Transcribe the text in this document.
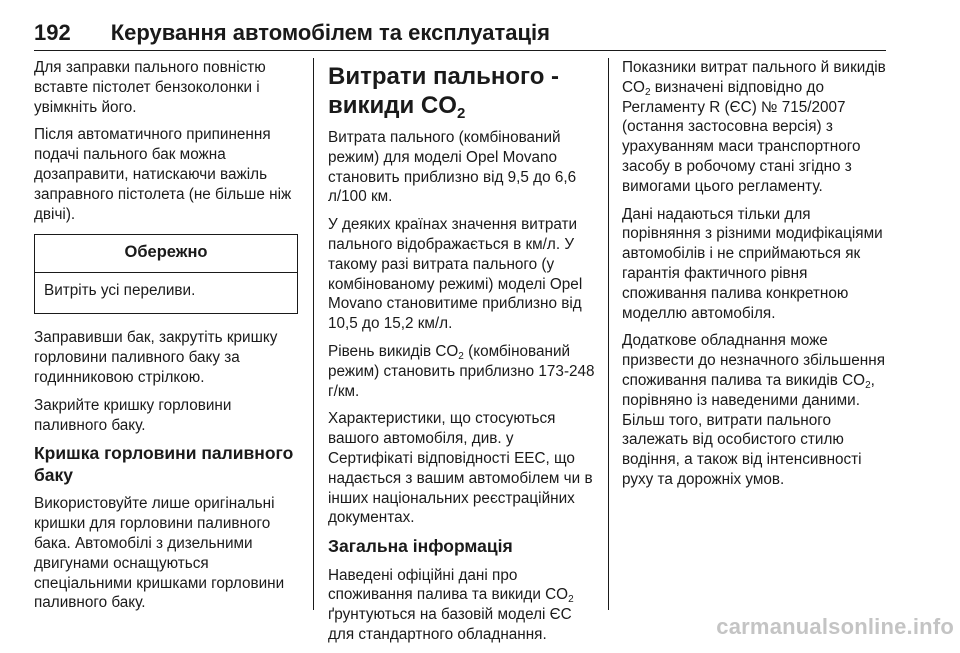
192 Керування автомобілем та експлуатація

Для заправки пального повністю вставте пістолет бензоколонки і увімкніть його.

Після автоматичного припинення подачі пального бак можна дозаправити, натискаючи важіль заправного пістолета (не більше ніж двічі).

Обережно
Витріть усі переливи.

Заправивши бак, закрутіть кришку горловини паливного баку за годинниковою стрілкою.

Закрийте кришку горловини паливного баку.

Кришка горловини паливного баку

Використовуйте лише оригінальні кришки для горловини паливного бака. Автомобілі з дизельними двигунами оснащуються спеціальними кришками горловини паливного баку.

Витрати пального - викиди $CO_2$

Витрата пального (комбінований режим) для моделі Opel Movano становить приблизно від 9,5 до 6,6 л/100 км.

У деяких країнах значення витрати пального відображається в км/л. У такому разі витрата пального (у комбінованому режимі) моделі Opel Movano становитиме приблизно від 10,5 до 15,2 км/л.

Рівень викидів $CO_2$ (комбінований режим) становить приблизно 173-248 г/км.

Характеристики, що стосуються вашого автомобіля, див. у Сертифікаті відповідності ЕЕС, що надається з вашим автомобілем чи в інших національних реєстраційних документах.

Загальна інформація

Наведені офіційні дані про споживання палива та викиди $CO_2$ ґрунтуються на базовій моделі ЄС для стандартного обладнання.

Показники витрат пального й викидів $CO_2$ визначені відповідно до Регламенту R (ЄС) № 715/2007 (остання застосовна версія) з урахуванням маси транспортного засобу в робочому стані згідно з вимогами цього регламенту.

Дані надаються тільки для порівняння з різними модифікаціями автомобілів і не сприймаються як гарантія фактичного рівня споживання палива конкретною моделлю автомобіля.

Додаткове обладнання може призвести до незначного збільшення споживання палива та викидів $CO_2$, порівняно із наведеними даними. Більш того, витрати пального залежать від особистого стилю водіння, а також від інтенсивності руху та дорожніх умов.

carmanualsonline.info
